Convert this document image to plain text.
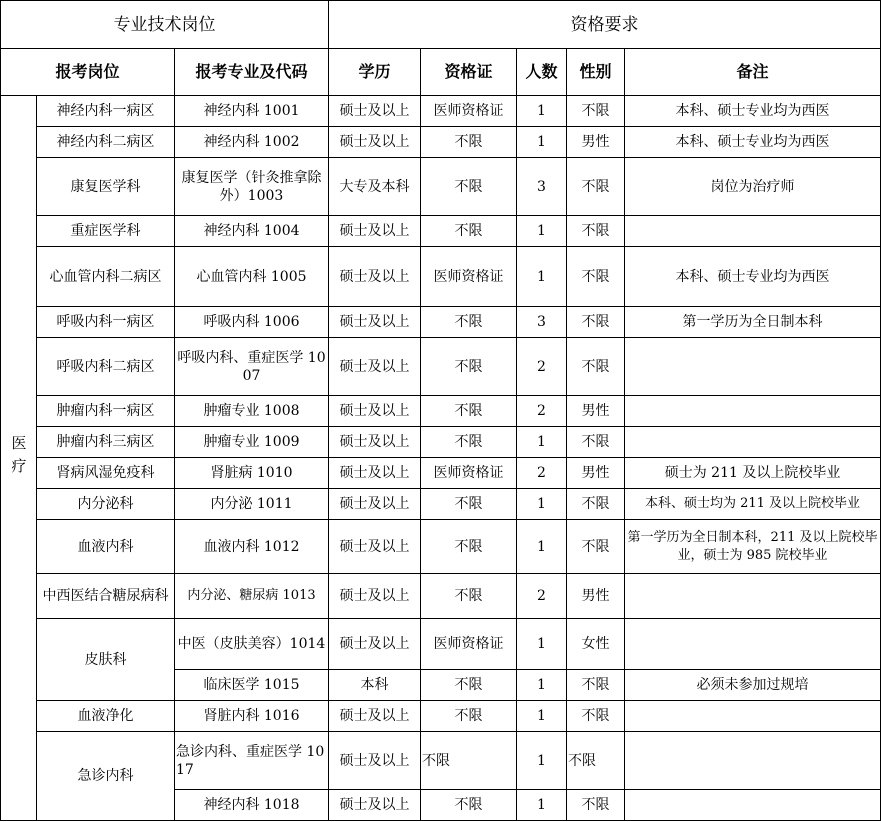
专业技术岗位			资格要求				
报考岗位		报考专业及代码	学历	资格证	人数	性别	备注
医疗	神经内科一病区	神经内科 1001	硕士及以上	医师资格证	1	不限	本科、硕士专业均为西医
	神经内科二病区	神经内科 1002	硕士及以上	不限	1	男性	本科、硕士专业均为西医
	康复医学科	康复医学（针灸推拿除外）1003	大专及本科	不限	3	不限	岗位为治疗师
	重症医学科	神经内科 1004	硕士及以上	不限	1	不限	
	心血管内科二病区	心血管内科 1005	硕士及以上	医师资格证	1	不限	本科、硕士专业均为西医
	呼吸内科一病区	呼吸内科 1006	硕士及以上	不限	3	不限	第一学历为全日制本科
	呼吸内科二病区	呼吸内科、重症医学 1007	硕士及以上	不限	2	不限	
	肿瘤内科一病区	肿瘤专业 1008	硕士及以上	不限	2	男性	
	肿瘤内科三病区	肿瘤专业 1009	硕士及以上	不限	1	不限	
	肾病风湿免疫科	肾脏病 1010	硕士及以上	医师资格证	2	男性	硕士为 211 及以上院校毕业
	内分泌科	内分泌 1011	硕士及以上	不限	1	不限	本科、硕士均为 211 及以上院校毕业
	血液内科	血液内科 1012	硕士及以上	不限	1	不限	第一学历为全日制本科，211 及以上院校毕业，硕士为 985 院校毕业
	中西医结合糖尿病科	内分泌、糖尿病 1013	硕士及以上	不限	2	男性	
	皮肤科	中医（皮肤美容）1014	硕士及以上	医师资格证	1	女性	
		临床医学 1015	本科	不限	1	不限	必须未参加过规培
	血液净化	肾脏内科 1016	硕士及以上	不限	1	不限	
	急诊内科	急诊内科、重症医学 1017	硕士及以上	不限	1	不限	
		神经内科 1018	硕士及以上	不限	1	不限	
